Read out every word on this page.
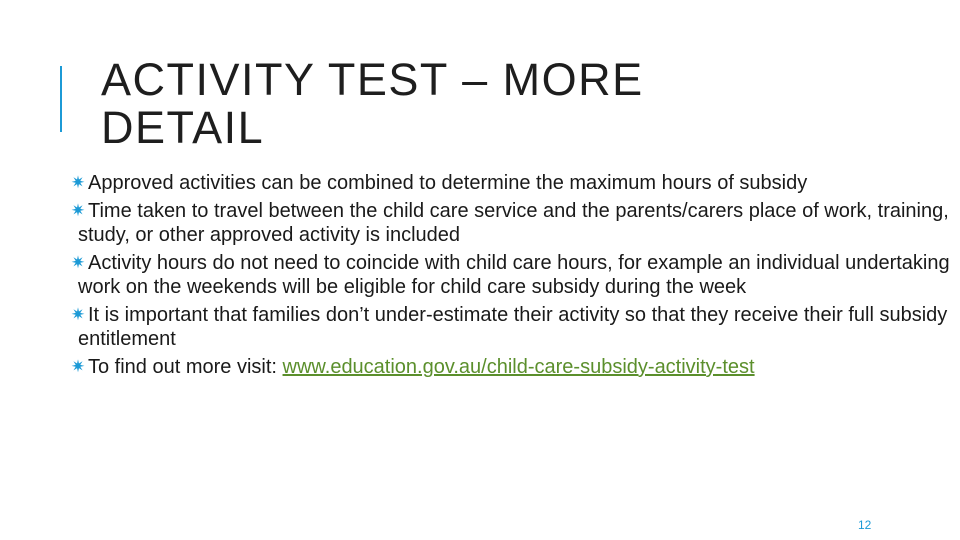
ACTIVITY TEST – MORE
DETAIL
✷ Approved activities can be combined to determine the maximum hours of subsidy
✷ Time taken to travel between the child care service and the parents/carers place of work, training, study, or other approved activity is included
✷ Activity hours do not need to coincide with child care hours, for example an individual undertaking work on the weekends will be eligible for child care subsidy during the week
✷ It is important that families don’t under-estimate their activity so that they receive their full subsidy entitlement
✷ To find out more visit: www.education.gov.au/child-care-subsidy-activity-test
12
